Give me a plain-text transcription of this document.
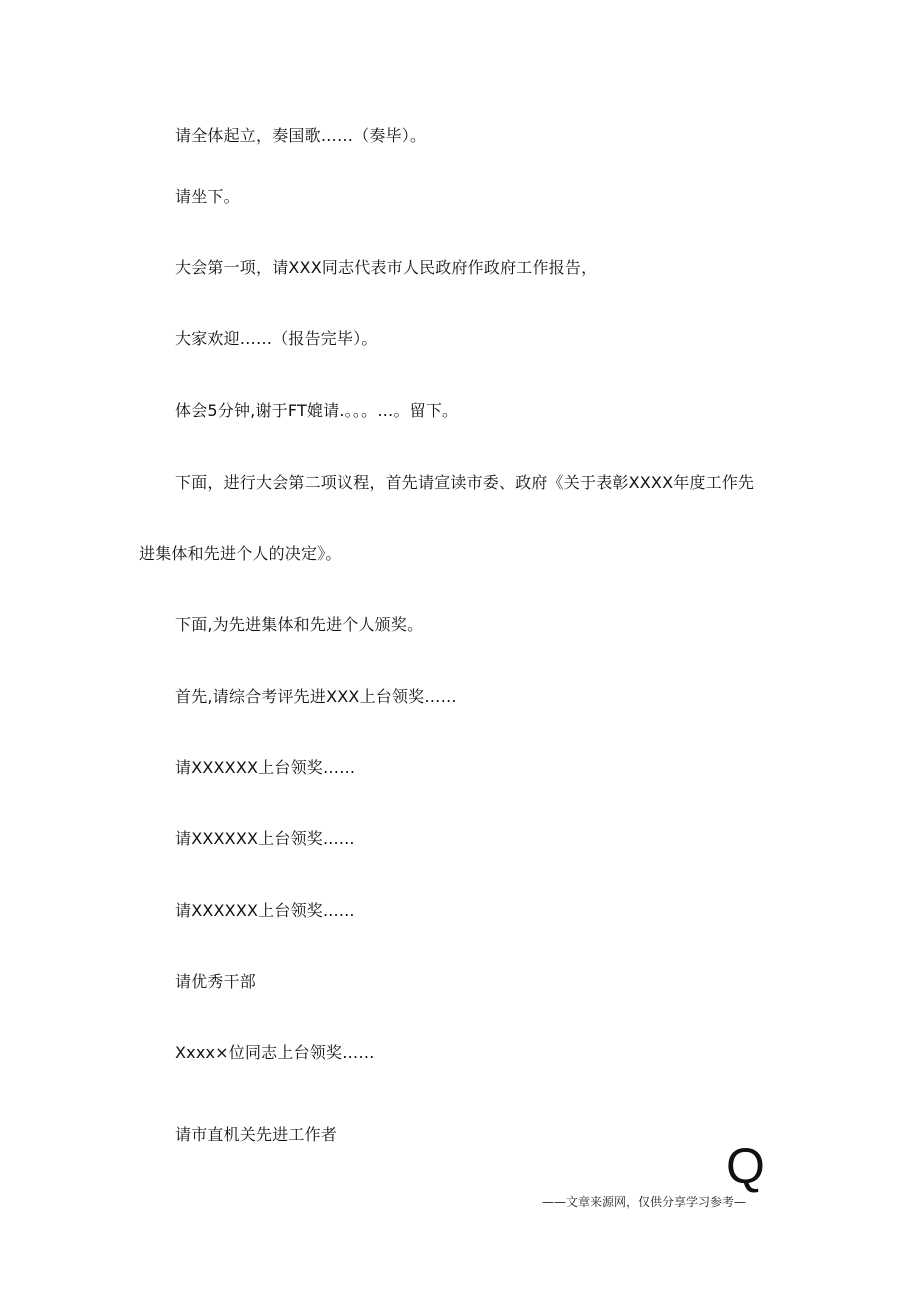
请全体起立，奏国歌……（奏毕）。
请坐下。
大会第一项，请XXX同志代表市人民政府作政府工作报告，
大家欢迎……（报告完毕）。
体会5分钟,谢于FT媲请.。。。…。留下。
下面，进行大会第二项议程，首先请宣读市委、政府《关于表彰XXXX年度工作先
进集体和先进个人的决定》。
下面,为先进集体和先进个人颁奖。
首先,请综合考评先进XXX上台领奖……
请XXXXXX上台领奖……
请XXXXXX上台领奖......
请XXXXXX上台领奖......
请优秀干部
Xxxx×位同志上台领奖……
请市直机关先进工作者
Q
——文章来源网，仅供分享学习参考—
